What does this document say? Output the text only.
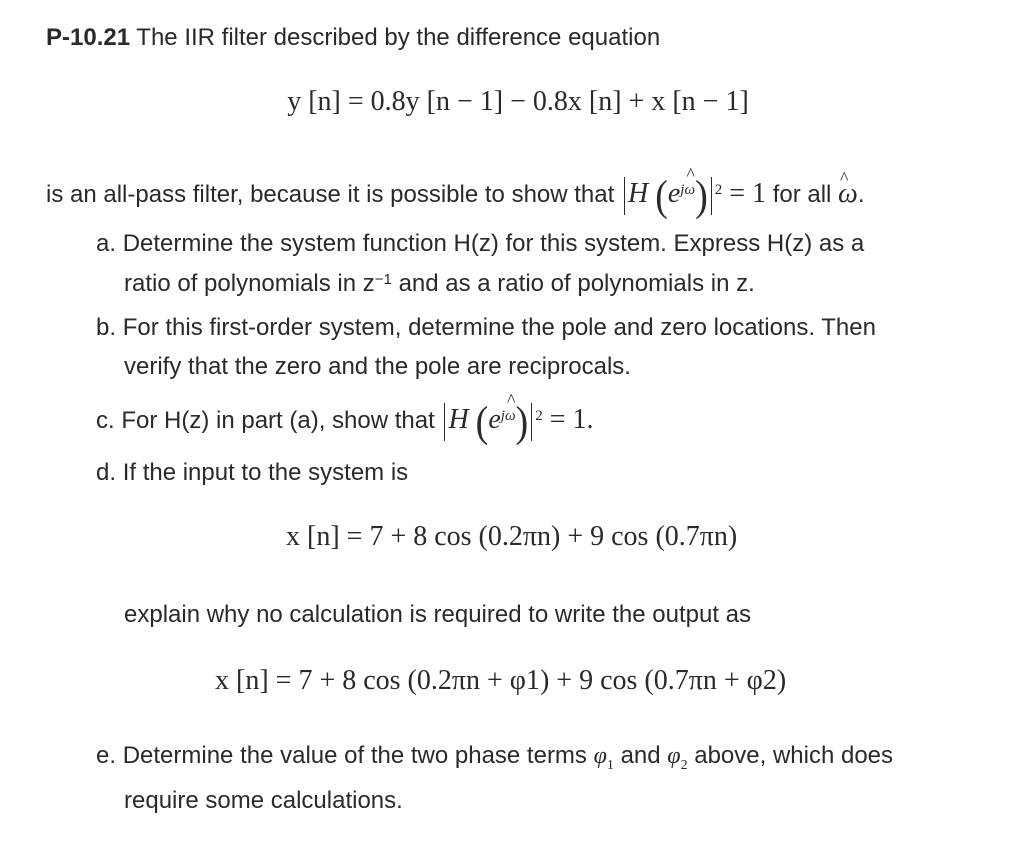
P-10.21 The IIR filter described by the difference equation
y [n] = 0.8y [n − 1] − 0.8x [n] + x [n − 1]
is an all-pass filter, because it is possible to show that H $(e^{j\^{} \omega}) ^2 = 1$ for all ^ ω.
a. Determine the system function H(z) for this system. Express H(z) as a
ratio of polynomials in $z^{-1}$ and as a ratio of polynomials in z.
b. For this first-order system, determine the pole and zero locations. Then
verify that the zero and the pole are reciprocals.
c. For H(z) in part (a), show that H $(e^{j\^{} \omega}) ^2 = 1$.
d. If the input to the system is
x [n] = 7 + 8 cos (0.2πn) + 9 cos (0.7πn)
explain why no calculation is required to write the output as
x [n] = 7 + 8 cos (0.2πn + φ1) + 9 cos (0.7πn + φ2)
e. Determine the value of the two phase terms $\varphi_1$ and $\varphi_2$ above, which does
require some calculations.
